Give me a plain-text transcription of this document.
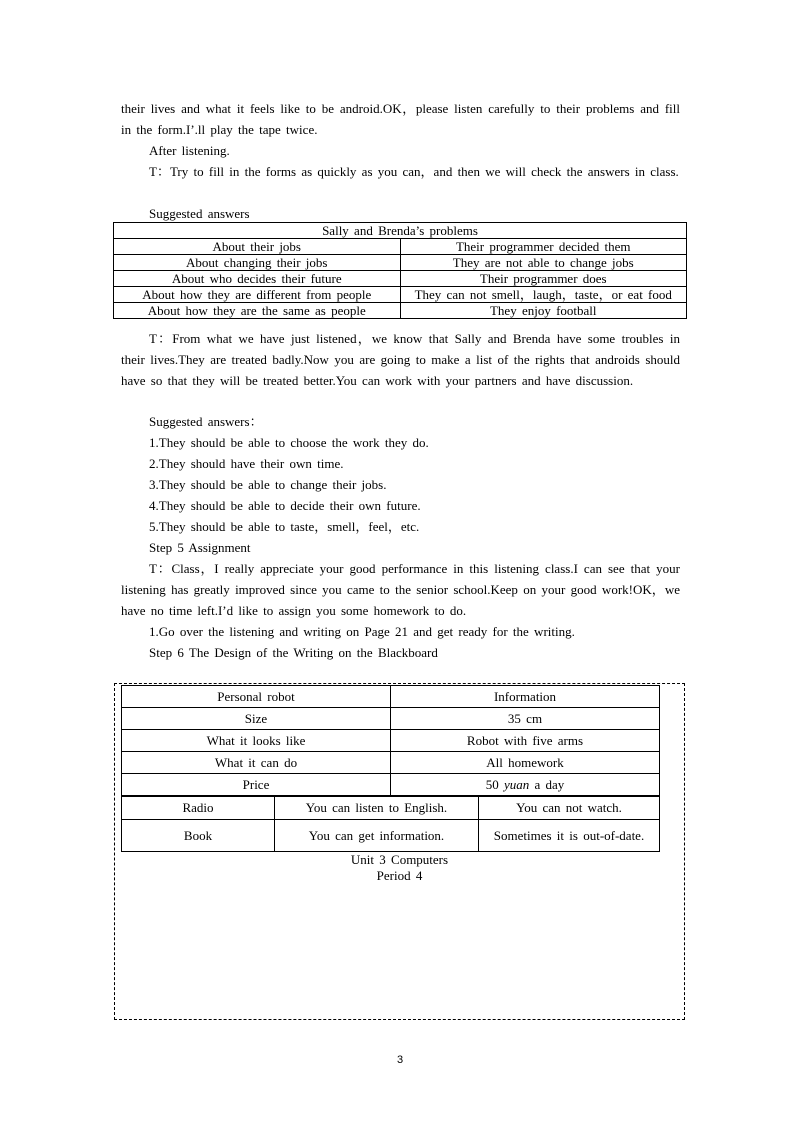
their lives and what it feels like to be android.OK，please listen carefully to their problems and fill in the form.I’.ll play the tape twice.
After listening.
T：Try to fill in the forms as quickly as you can，and then we will check the answers in class.
Suggested answers
Sally and Brenda’s problems	
About their jobs	Their programmer decided them
About changing their jobs	They are not able to change jobs
About who decides their future	Their programmer does
About how they are different from people	They can not smell，laugh，taste，or eat food
About how they are the same as people	They enjoy football
T：From what we have just listened，we know that Sally and Brenda have some troubles in their lives.They are treated badly.Now you are going to make a list of the rights that androids should have so that they will be treated better.You can work with your partners and have discussion.
Suggested answers：
1.They should be able to choose the work they do.
2.They should have their own time.
3.They should be able to change their jobs.
4.They should be able to decide their own future.
5.They should be able to taste，smell，feel，etc.
Step 5 Assignment
T：Class，I really appreciate your good performance in this listening class.I can see that your listening has greatly improved since you came to the senior school.Keep on your good work!OK，we have no time left.I’d like to assign you some homework to do.
1.Go over the listening and writing on Page 21 and get ready for the writing.
Step 6 The Design of the Writing on the Blackboard
Personal robot	Information
Size	35 cm
What it looks like	Robot with five arms
What it can do	All homework
Price	50 yuan a day
Radio	You can listen to English.	You can not watch.
Book	You can get information.	Sometimes it is out-of-date.
Unit 3 Computers
Period 4
3
